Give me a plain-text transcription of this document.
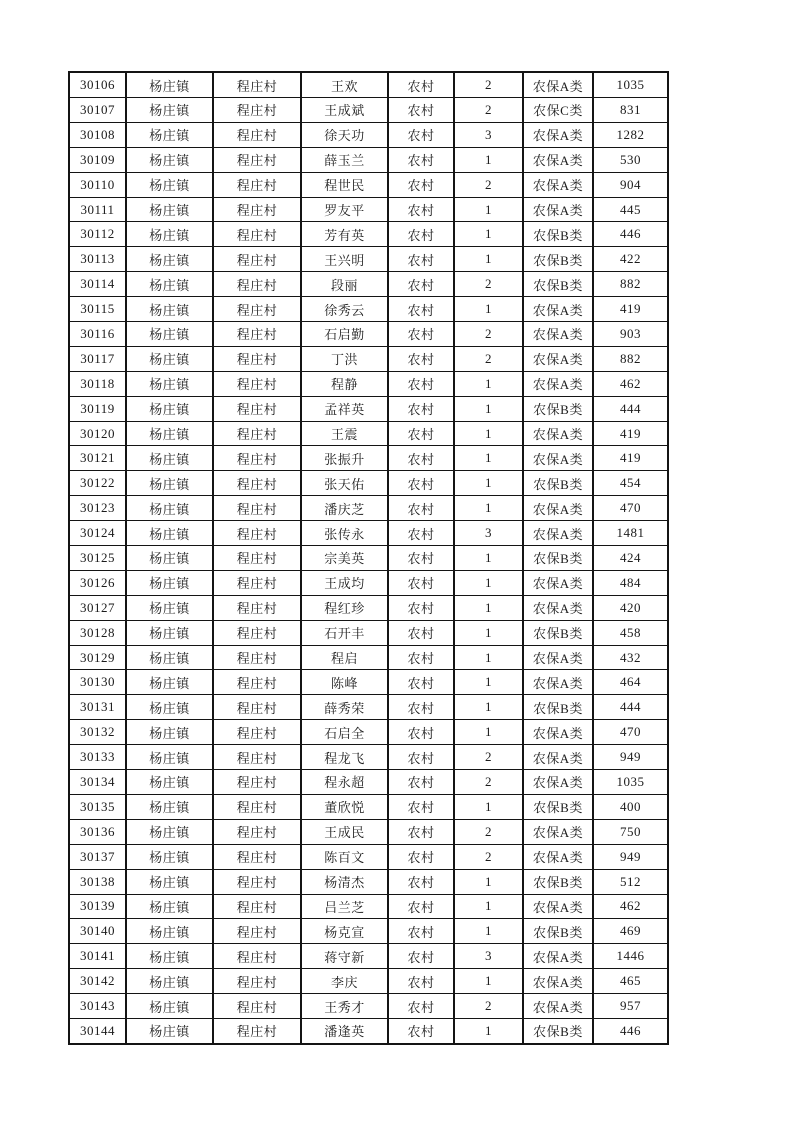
30106	杨庄镇	程庄村	王欢	农村	2	农保A类	1035
30107	杨庄镇	程庄村	王成斌	农村	2	农保C类	831
30108	杨庄镇	程庄村	徐天功	农村	3	农保A类	1282
30109	杨庄镇	程庄村	薛玉兰	农村	1	农保A类	530
30110	杨庄镇	程庄村	程世民	农村	2	农保A类	904
30111	杨庄镇	程庄村	罗友平	农村	1	农保A类	445
30112	杨庄镇	程庄村	芳有英	农村	1	农保B类	446
30113	杨庄镇	程庄村	王兴明	农村	1	农保B类	422
30114	杨庄镇	程庄村	段丽	农村	2	农保B类	882
30115	杨庄镇	程庄村	徐秀云	农村	1	农保A类	419
30116	杨庄镇	程庄村	石启勤	农村	2	农保A类	903
30117	杨庄镇	程庄村	丁洪	农村	2	农保A类	882
30118	杨庄镇	程庄村	程静	农村	1	农保A类	462
30119	杨庄镇	程庄村	孟祥英	农村	1	农保B类	444
30120	杨庄镇	程庄村	王震	农村	1	农保A类	419
30121	杨庄镇	程庄村	张振升	农村	1	农保A类	419
30122	杨庄镇	程庄村	张天佑	农村	1	农保B类	454
30123	杨庄镇	程庄村	潘庆芝	农村	1	农保A类	470
30124	杨庄镇	程庄村	张传永	农村	3	农保A类	1481
30125	杨庄镇	程庄村	宗美英	农村	1	农保B类	424
30126	杨庄镇	程庄村	王成均	农村	1	农保A类	484
30127	杨庄镇	程庄村	程红珍	农村	1	农保A类	420
30128	杨庄镇	程庄村	石开丰	农村	1	农保B类	458
30129	杨庄镇	程庄村	程启	农村	1	农保A类	432
30130	杨庄镇	程庄村	陈峰	农村	1	农保A类	464
30131	杨庄镇	程庄村	薛秀荣	农村	1	农保B类	444
30132	杨庄镇	程庄村	石启全	农村	1	农保A类	470
30133	杨庄镇	程庄村	程龙飞	农村	2	农保A类	949
30134	杨庄镇	程庄村	程永超	农村	2	农保A类	1035
30135	杨庄镇	程庄村	董欣悦	农村	1	农保B类	400
30136	杨庄镇	程庄村	王成民	农村	2	农保A类	750
30137	杨庄镇	程庄村	陈百文	农村	2	农保A类	949
30138	杨庄镇	程庄村	杨清杰	农村	1	农保B类	512
30139	杨庄镇	程庄村	吕兰芝	农村	1	农保A类	462
30140	杨庄镇	程庄村	杨克宣	农村	1	农保B类	469
30141	杨庄镇	程庄村	蒋守新	农村	3	农保A类	1446
30142	杨庄镇	程庄村	李庆	农村	1	农保A类	465
30143	杨庄镇	程庄村	王秀才	农村	2	农保A类	957
30144	杨庄镇	程庄村	潘逢英	农村	1	农保B类	446
